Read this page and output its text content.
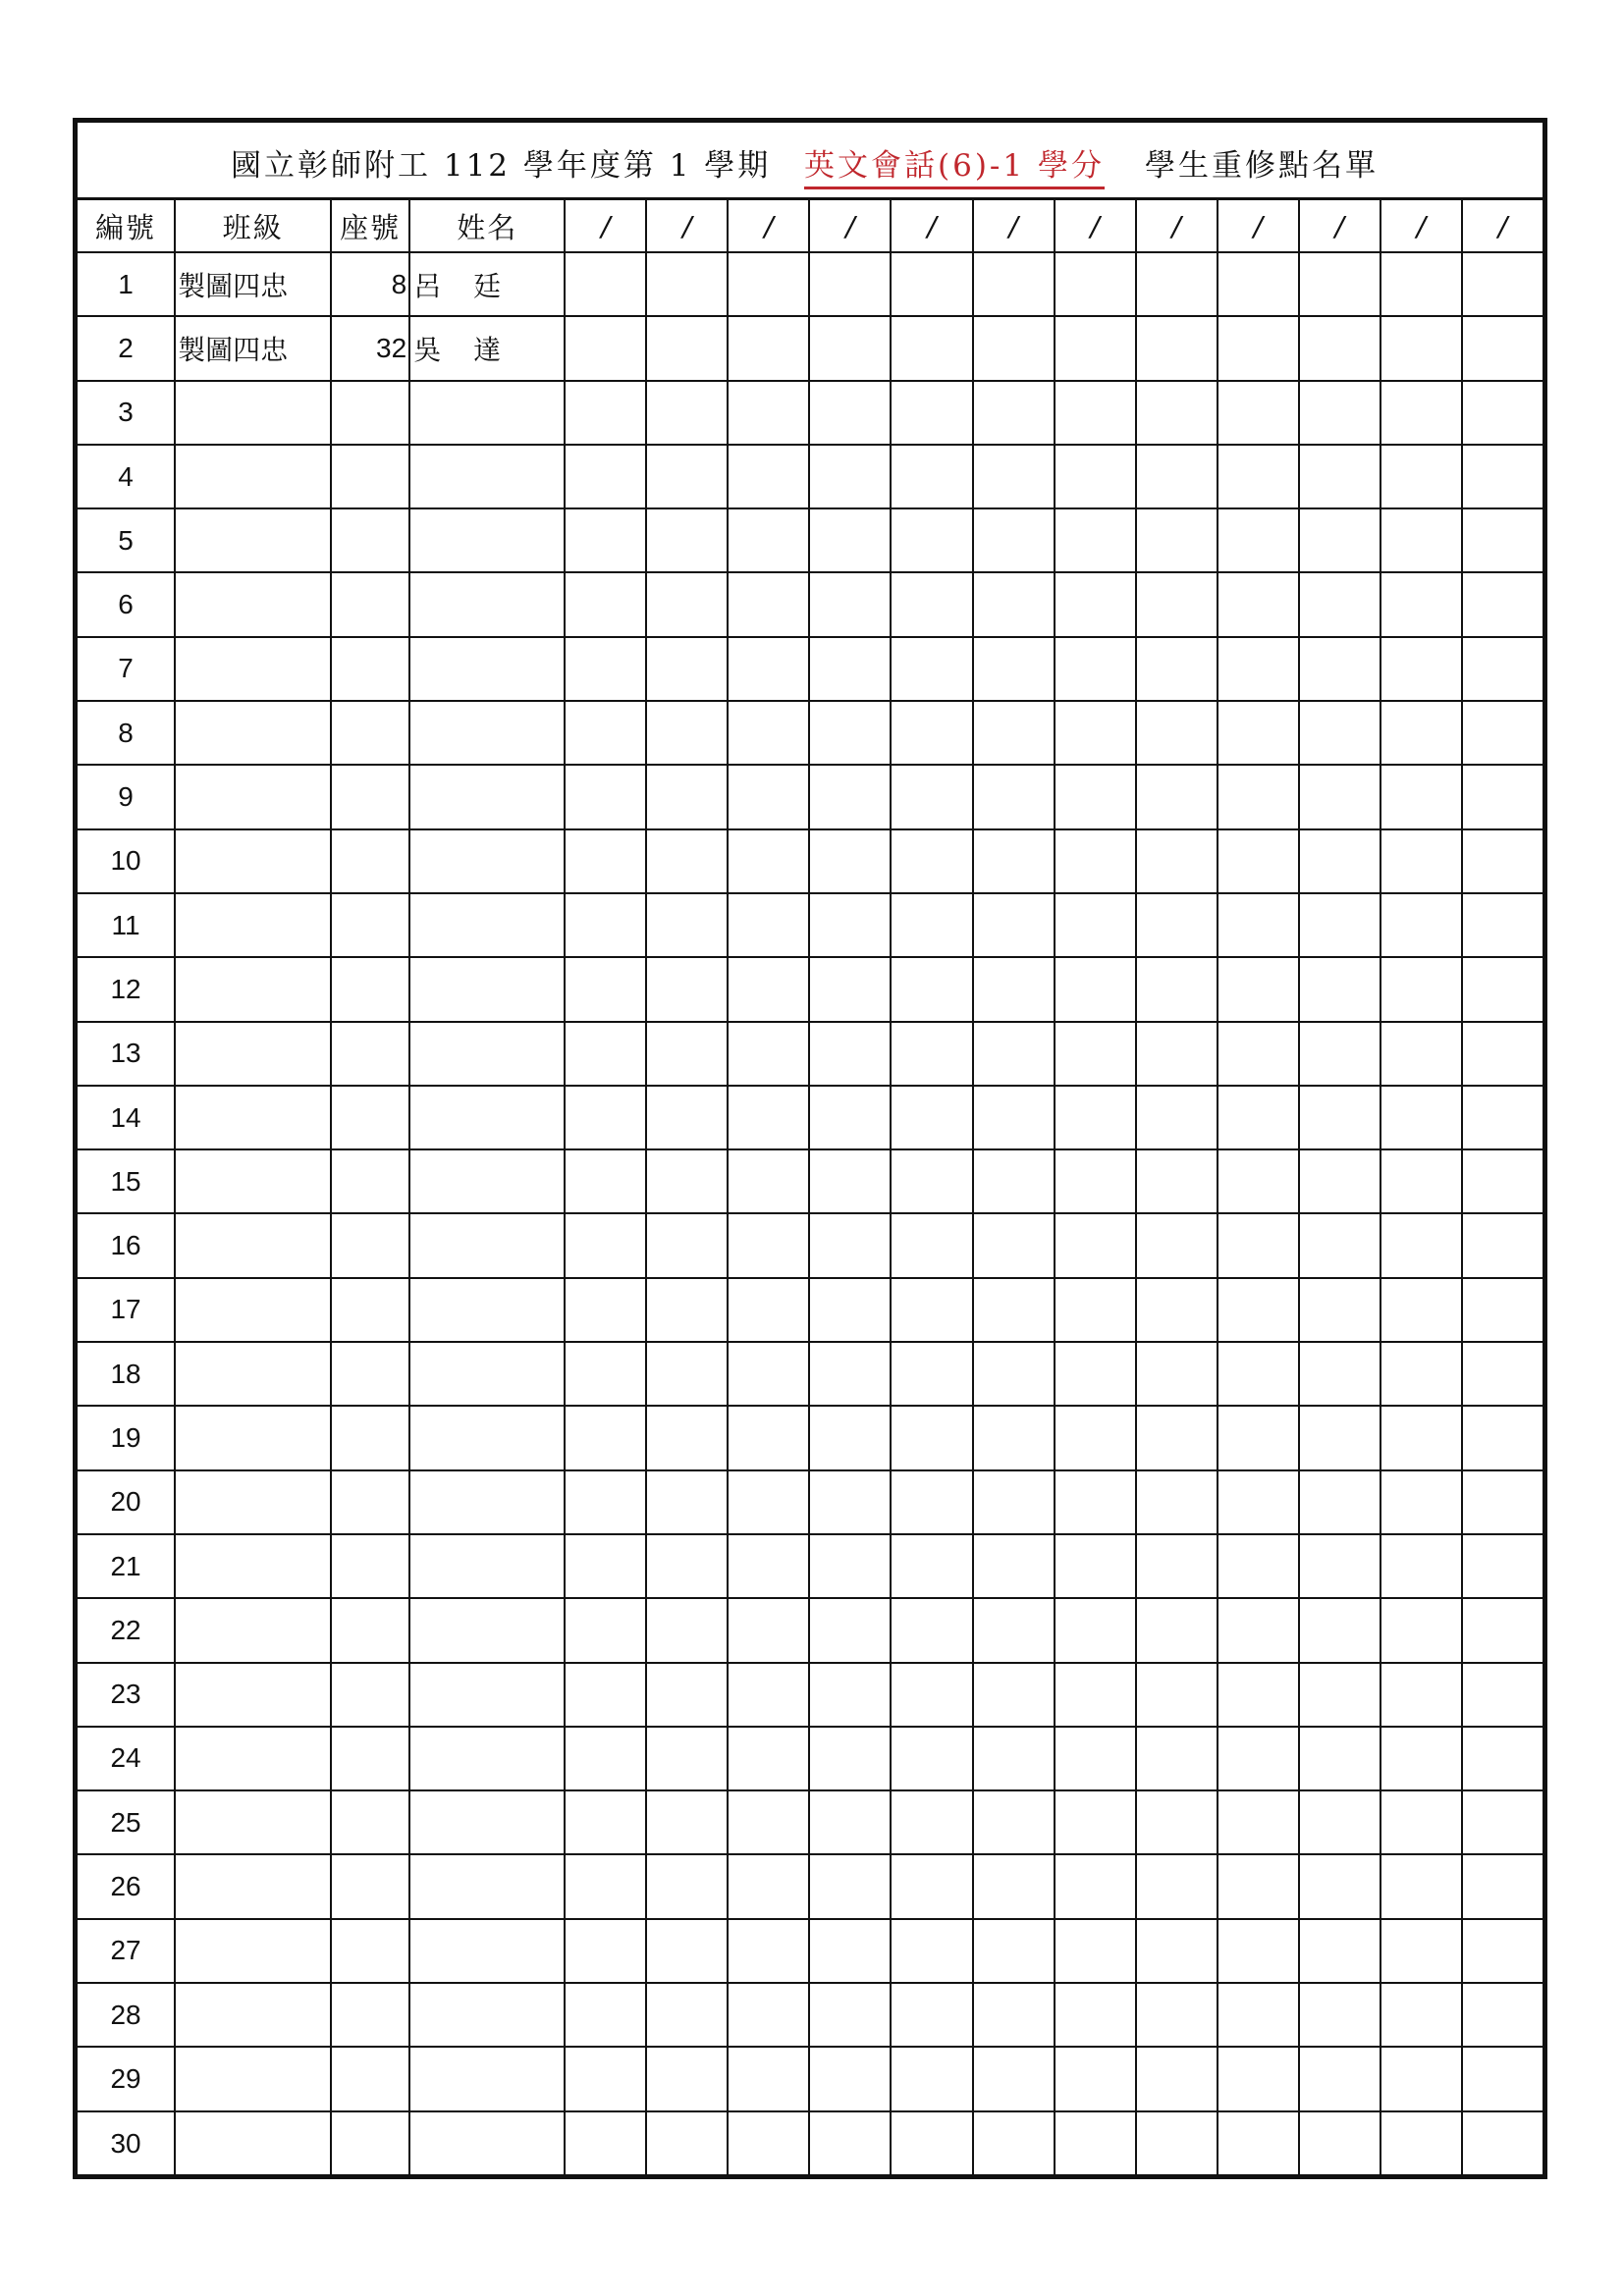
國立彰師附工 112 學年度第 1 學期 英文會話(6)-1 學分 學生重修點名單
編號	班級	座號	姓名	/	/	/	/	/	/	/	/	/	/	/	/
1	製圖四忠	8	呂 廷												
2	製圖四忠	32	吳 達												
3															
4															
5															
6															
7															
8															
9															
10															
11															
12															
13															
14															
15															
16															
17															
18															
19															
20															
21															
22															
23															
24															
25															
26															
27															
28															
29															
30															
